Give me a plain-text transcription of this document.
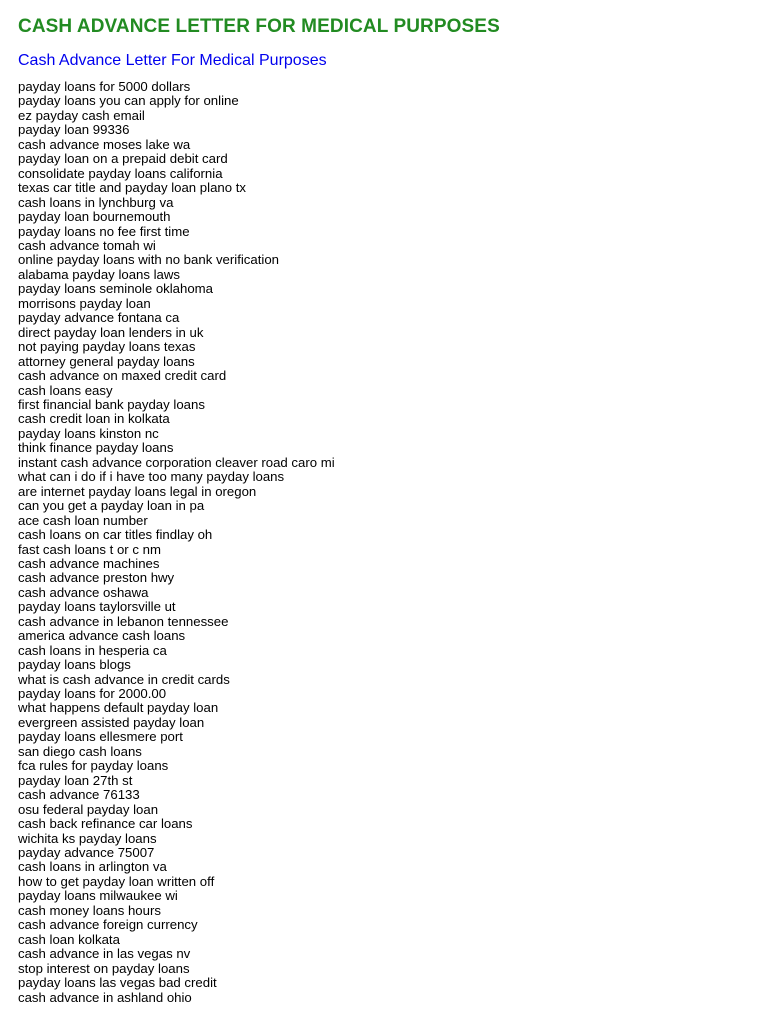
CASH ADVANCE LETTER FOR MEDICAL PURPOSES
Cash Advance Letter For Medical Purposes
payday loans for 5000 dollars
payday loans you can apply for online
ez payday cash email
payday loan 99336
cash advance moses lake wa
payday loan on a prepaid debit card
consolidate payday loans california
texas car title and payday loan plano tx
cash loans in lynchburg va
payday loan bournemouth
payday loans no fee first time
cash advance tomah wi
online payday loans with no bank verification
alabama payday loans laws
payday loans seminole oklahoma
morrisons payday loan
payday advance fontana ca
direct payday loan lenders in uk
not paying payday loans texas
attorney general payday loans
cash advance on maxed credit card
cash loans easy
first financial bank payday loans
cash credit loan in kolkata
payday loans kinston nc
think finance payday loans
instant cash advance corporation cleaver road caro mi
what can i do if i have too many payday loans
are internet payday loans legal in oregon
can you get a payday loan in pa
ace cash loan number
cash loans on car titles findlay oh
fast cash loans t or c nm
cash advance machines
cash advance preston hwy
cash advance oshawa
payday loans taylorsville ut
cash advance in lebanon tennessee
america advance cash loans
cash loans in hesperia ca
payday loans blogs
what is cash advance in credit cards
payday loans for 2000.00
what happens default payday loan
evergreen assisted payday loan
payday loans ellesmere port
san diego cash loans
fca rules for payday loans
payday loan 27th st
cash advance 76133
osu federal payday loan
cash back refinance car loans
wichita ks payday loans
payday advance 75007
cash loans in arlington va
how to get payday loan written off
payday loans milwaukee wi
cash money loans hours
cash advance foreign currency
cash loan kolkata
cash advance in las vegas nv
stop interest on payday loans
payday loans las vegas bad credit
cash advance in ashland ohio
